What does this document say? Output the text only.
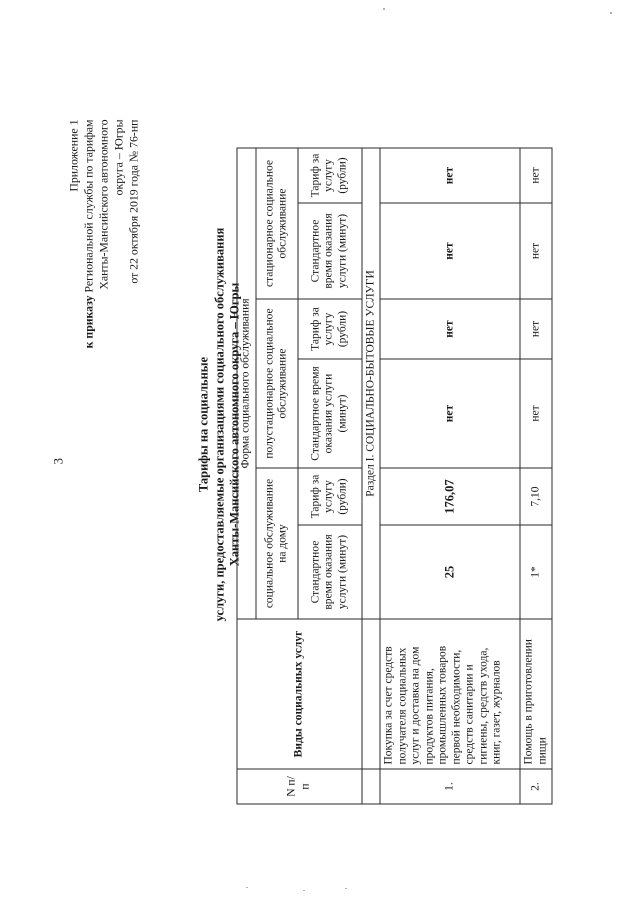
3
Приложение 1
к приказу Региональной службы по тарифам Ханты-Мансийского автономного округа – Югры от 22 октября 2019 года № 76-нп
Тарифы на социальные услуги, предоставляемые организациями социального обслуживания Ханты-Мансийского автономного округа – Югры
N п/п	Виды социальных услуг	Форма социального обслуживания					
		социальное обслуживание на дому		полустационарное социальное обслуживание		стационарное социальное обслуживание	
		Стандартное время оказания услуги (минут)	Тариф за услугу (рубли)	Стандартное время оказания услуги (минут)	Тариф за услугу (рубли)	Стандартное время оказания услуги (минут)	Тариф за услугу (рубли)
		Раздел I. СОЦИАЛЬНО-БЫТОВЫЕ УСЛУГИ					
1.	Покупка за счет средств получателя социальных услуг и доставка на дом продуктов питания, промышленных товаров первой необходимости, средств санитарии и гигиены, средств ухода, книг, газет, журналов	25	176,07	нет	нет	нет	нет
2.	Помощь в приготовлении пищи	1*	7,10	нет	нет	нет	нет
